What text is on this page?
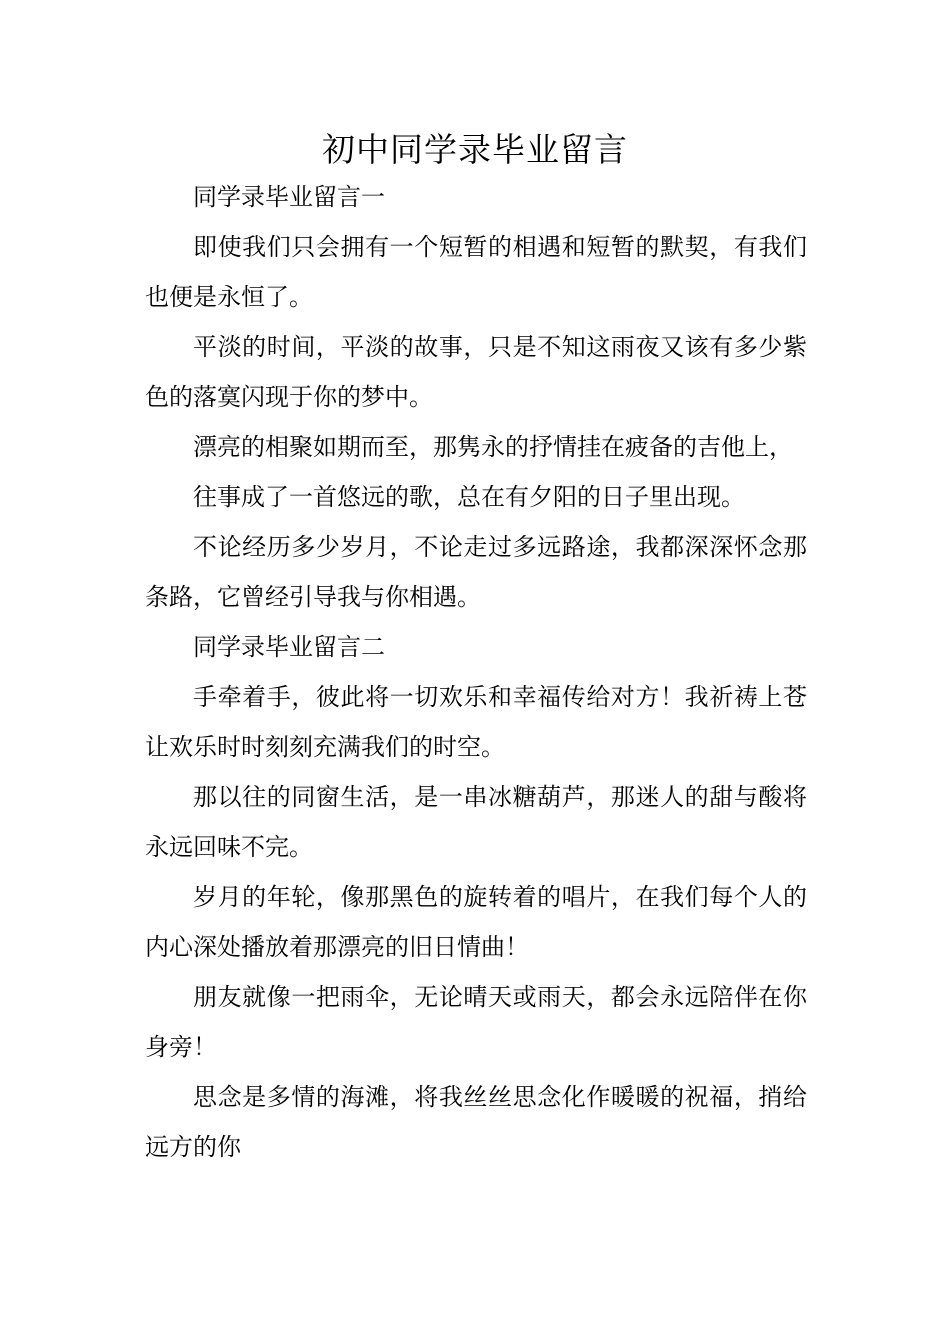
初中同学录毕业留言

同学录毕业留言一

即使我们只会拥有一个短暂的相遇和短暂的默契，有我们也便是永恒了。

平淡的时间，平淡的故事，只是不知这雨夜又该有多少紫色的落寞闪现于你的梦中。

漂亮的相聚如期而至，那隽永的抒情挂在疲备的吉他上，

往事成了一首悠远的歌，总在有夕阳的日子里出现。

不论经历多少岁月，不论走过多远路途，我都深深怀念那条路，它曾经引导我与你相遇。

同学录毕业留言二

手牵着手，彼此将一切欢乐和幸福传给对方！我祈祷上苍让欢乐时时刻刻充满我们的时空。

那以往的同窗生活，是一串冰糖葫芦，那迷人的甜与酸将永远回味不完。

岁月的年轮，像那黑色的旋转着的唱片，在我们每个人的内心深处播放着那漂亮的旧日情曲！

朋友就像一把雨伞，无论晴天或雨天，都会永远陪伴在你身旁！

思念是多情的海滩，将我丝丝思念化作暖暖的祝福，捎给远方的你
